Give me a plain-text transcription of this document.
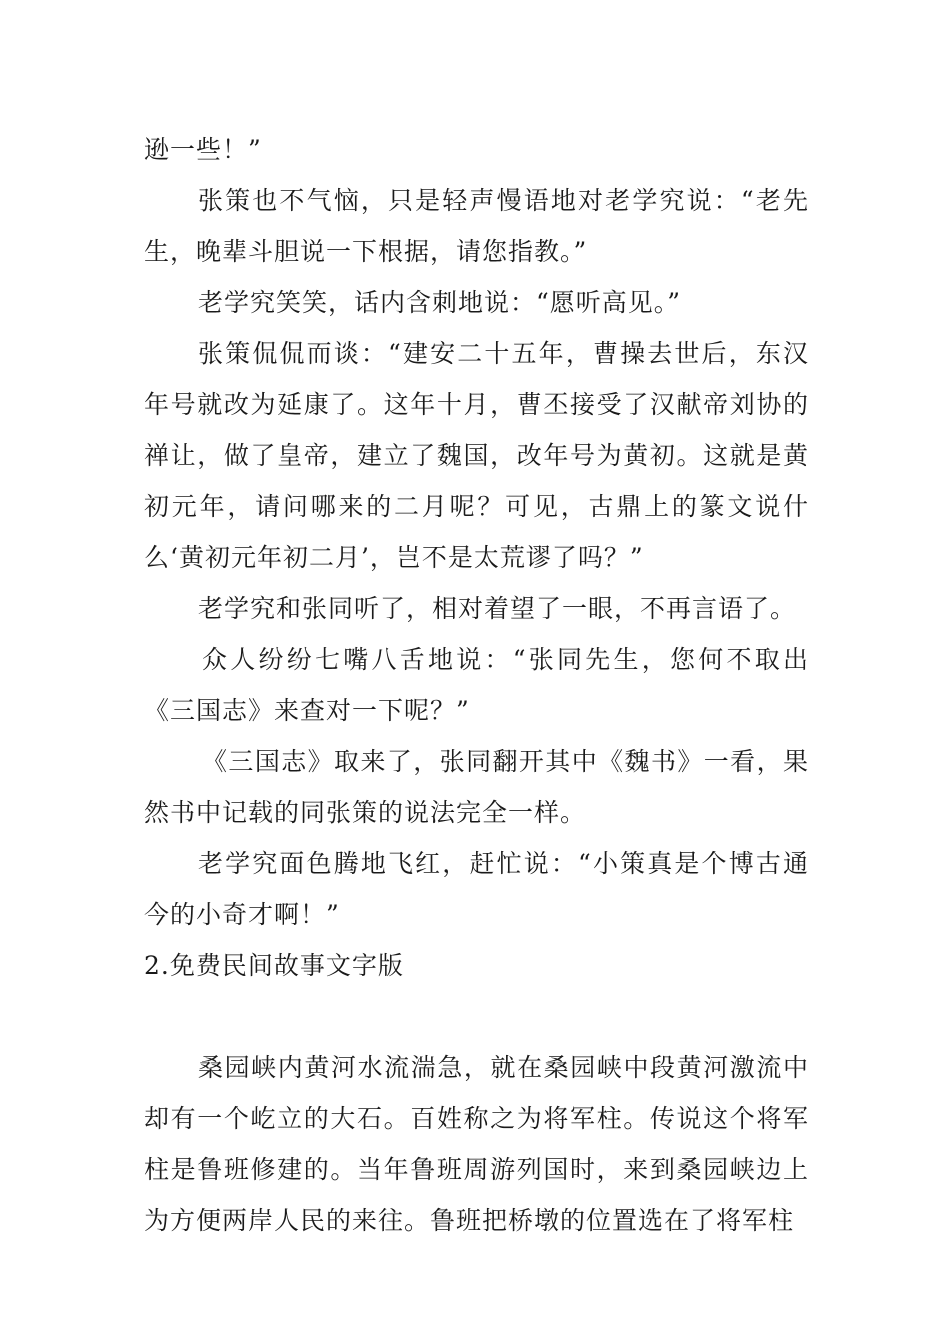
逊一些！”

张策也不气恼，只是轻声慢语地对老学究说：“老先生，晚辈斗胆说一下根据，请您指教。”

老学究笑笑，话内含刺地说：“愿听高见。”

张策侃侃而谈：“建安二十五年，曹操去世后，东汉年号就改为延康了。这年十月，曹丕接受了汉献帝刘协的禅让，做了皇帝，建立了魏国，改年号为黄初。这就是黄初元年，请问哪来的二月呢？可见，古鼎上的篆文说什么‘黄初元年初二月’，岂不是太荒谬了吗？”

老学究和张同听了，相对着望了一眼，不再言语了。

众人纷纷七嘴八舌地说：“张同先生，您何不取出《三国志》来查对一下呢？”

《三国志》取来了，张同翻开其中《魏书》一看，果然书中记载的同张策的说法完全一样。

老学究面色腾地飞红，赶忙说：“小策真是个博古通今的小奇才啊！”

2.免费民间故事文字版

桑园峡内黄河水流湍急，就在桑园峡中段黄河激流中却有一个屹立的大石。百姓称之为将军柱。传说这个将军柱是鲁班修建的。当年鲁班周游列国时，来到桑园峡边上为方便两岸人民的来往。鲁班把桥墩的位置选在了将军柱
